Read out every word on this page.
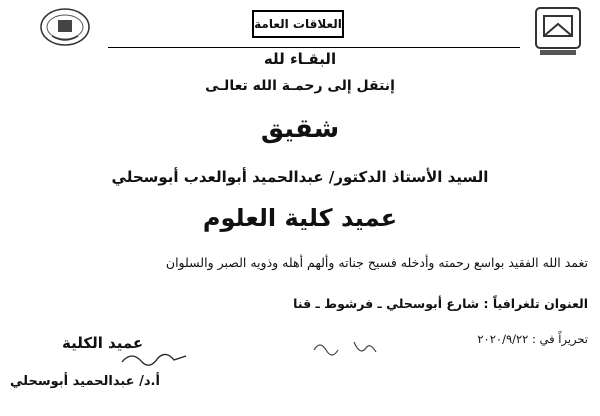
العلاقات العامة
البقـاء لله
إنتقل إلى رحمـة الله تعالـى
شقيق
السيد الأستاذ الدكتور/ عبدالحميد أبوالعدب أبوسحلي
عميد كلية العلوم
تغمد الله الفقيد بواسع رحمته وأدخله فسيح جناته وألهم أهله وذويه الصبر والسلوان
العنوان تلغرافياً : شارع أبوسحلي ـ فرشوط ـ قنا
تحريراً في : ٢٠٢٠/٩/٢٢
عميد الكلية
أ.د/ عبدالحميد أبوسحلي
